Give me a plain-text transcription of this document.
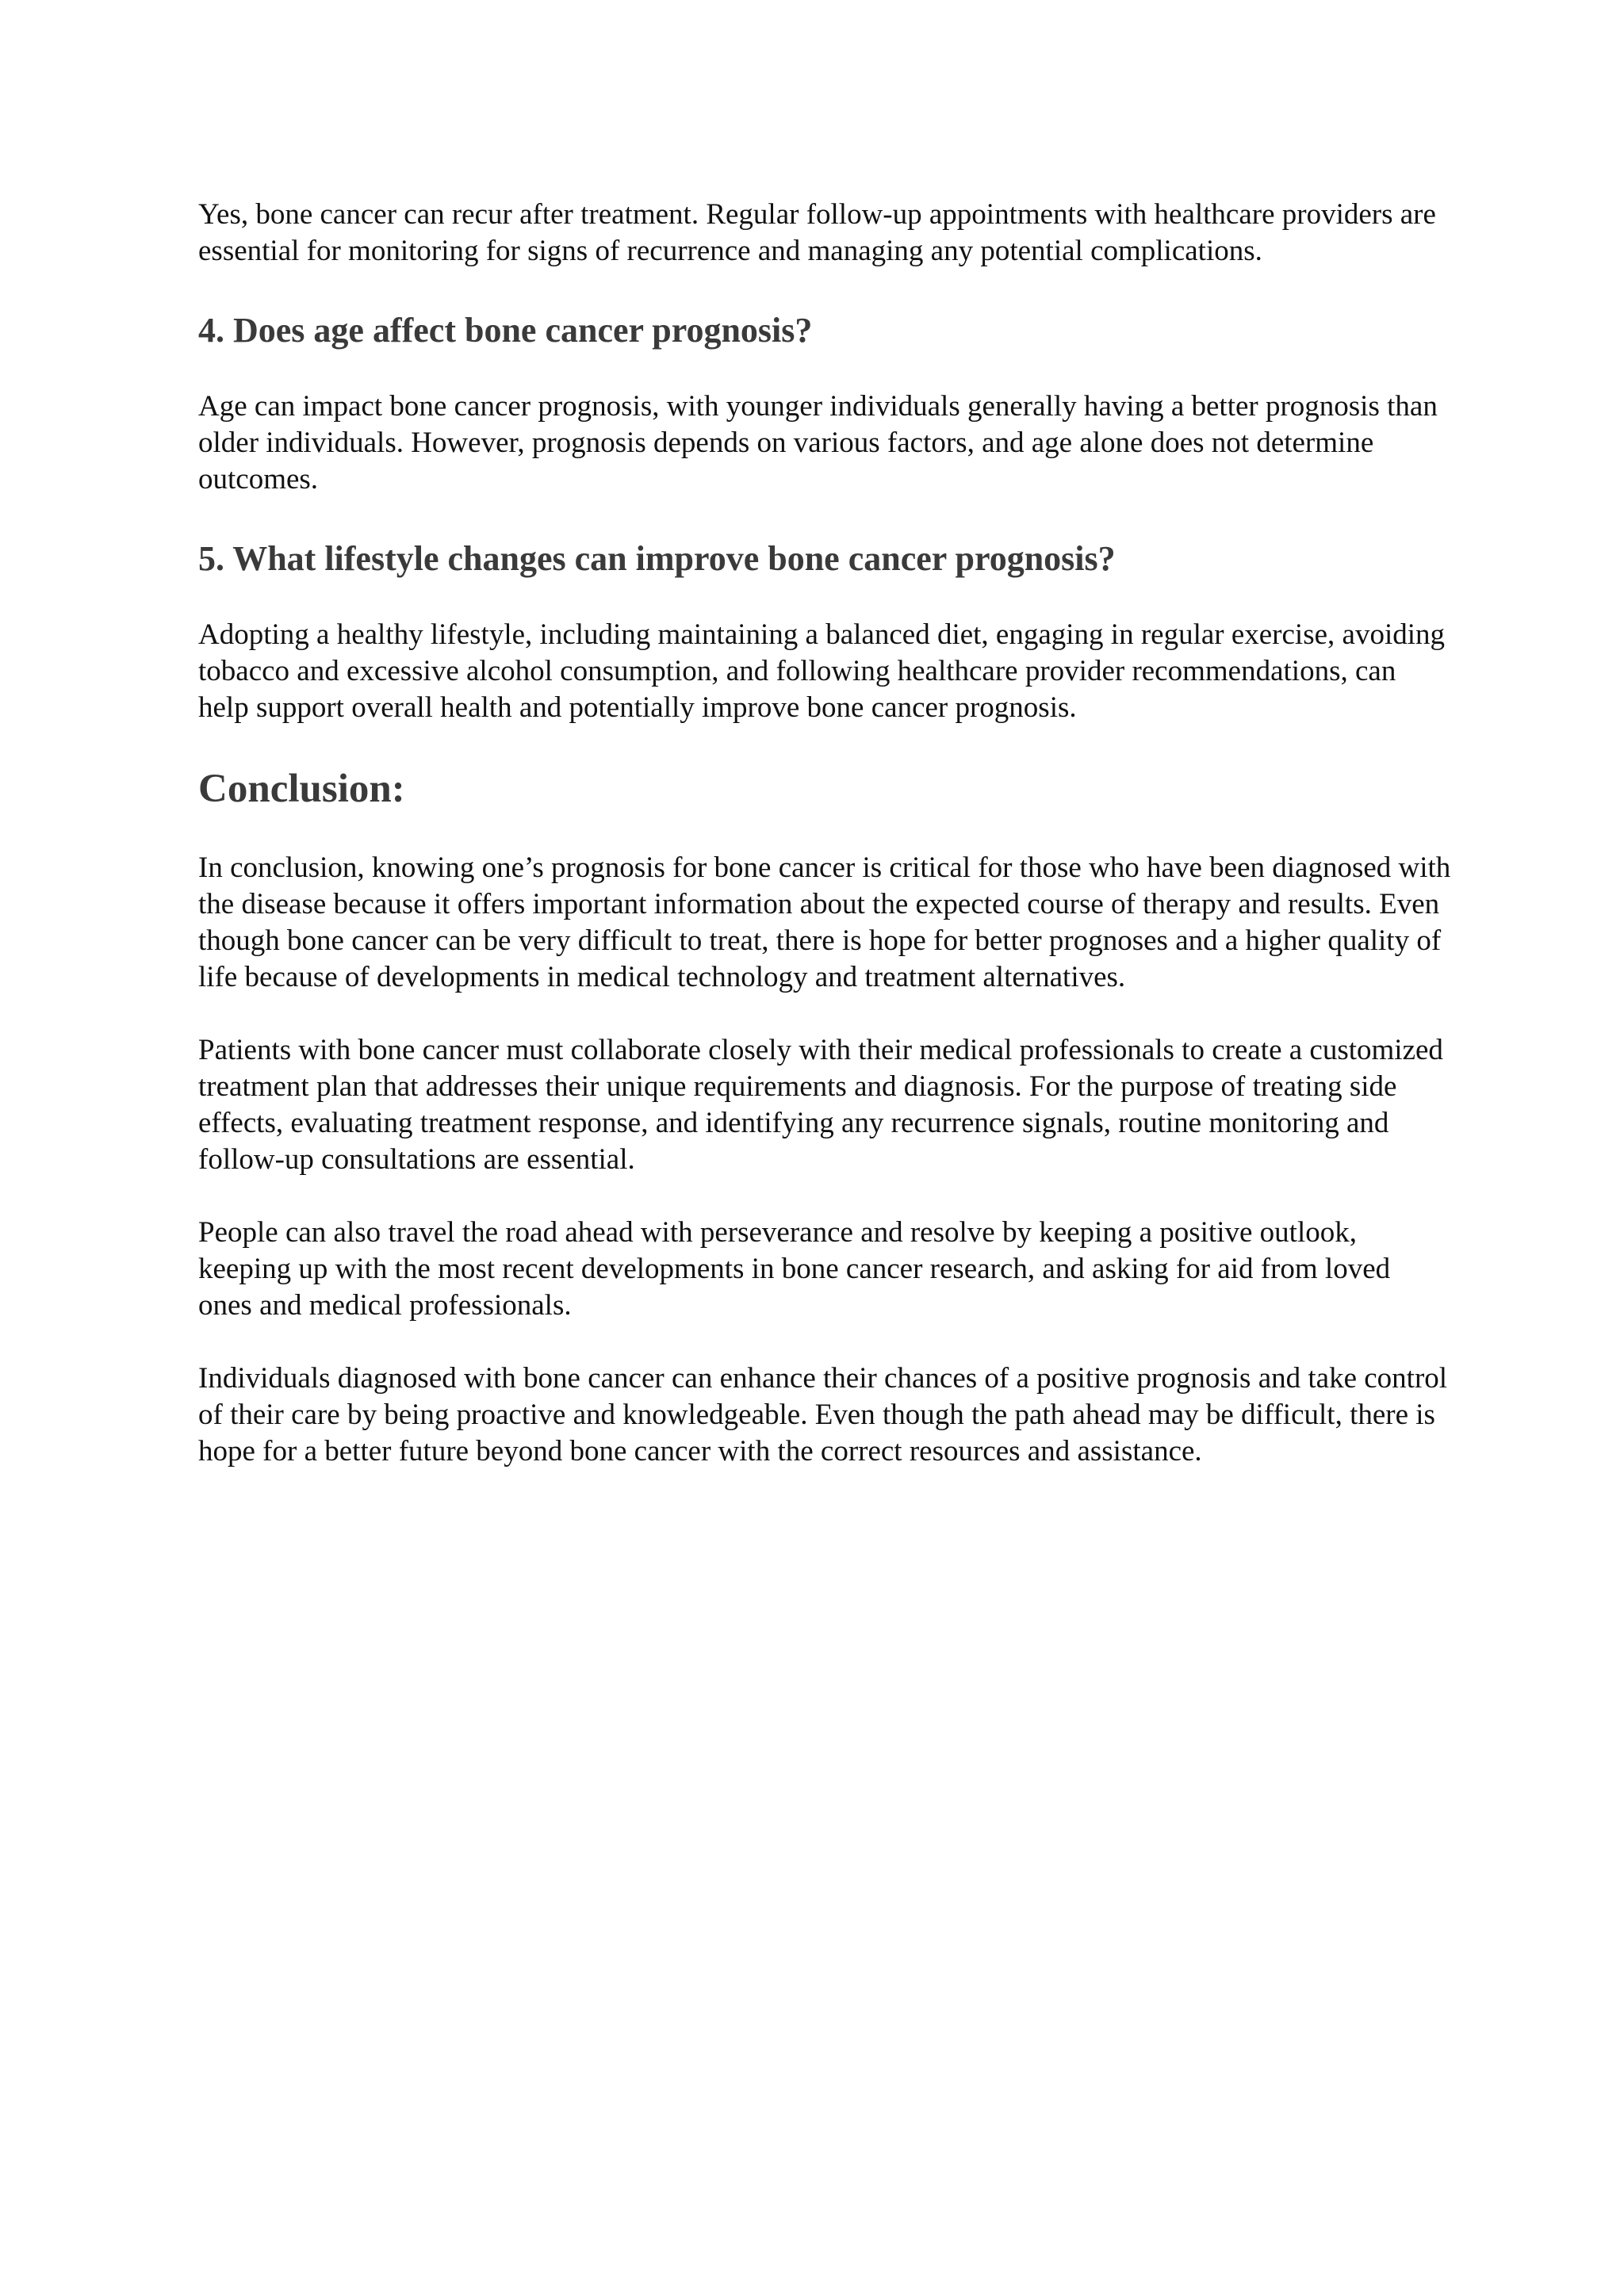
Yes, bone cancer can recur after treatment. Regular follow-up appointments with healthcare providers are essential for monitoring for signs of recurrence and managing any potential complications.

4. Does age affect bone cancer prognosis?

Age can impact bone cancer prognosis, with younger individuals generally having a better prognosis than older individuals. However, prognosis depends on various factors, and age alone does not determine outcomes.

5. What lifestyle changes can improve bone cancer prognosis?

Adopting a healthy lifestyle, including maintaining a balanced diet, engaging in regular exercise, avoiding tobacco and excessive alcohol consumption, and following healthcare provider recommendations, can help support overall health and potentially improve bone cancer prognosis.

Conclusion:

In conclusion, knowing one’s prognosis for bone cancer is critical for those who have been diagnosed with the disease because it offers important information about the expected course of therapy and results. Even though bone cancer can be very difficult to treat, there is hope for better prognoses and a higher quality of life because of developments in medical technology and treatment alternatives.

Patients with bone cancer must collaborate closely with their medical professionals to create a customized treatment plan that addresses their unique requirements and diagnosis. For the purpose of treating side effects, evaluating treatment response, and identifying any recurrence signals, routine monitoring and follow-up consultations are essential.

People can also travel the road ahead with perseverance and resolve by keeping a positive outlook, keeping up with the most recent developments in bone cancer research, and asking for aid from loved ones and medical professionals.

Individuals diagnosed with bone cancer can enhance their chances of a positive prognosis and take control of their care by being proactive and knowledgeable. Even though the path ahead may be difficult, there is hope for a better future beyond bone cancer with the correct resources and assistance.
